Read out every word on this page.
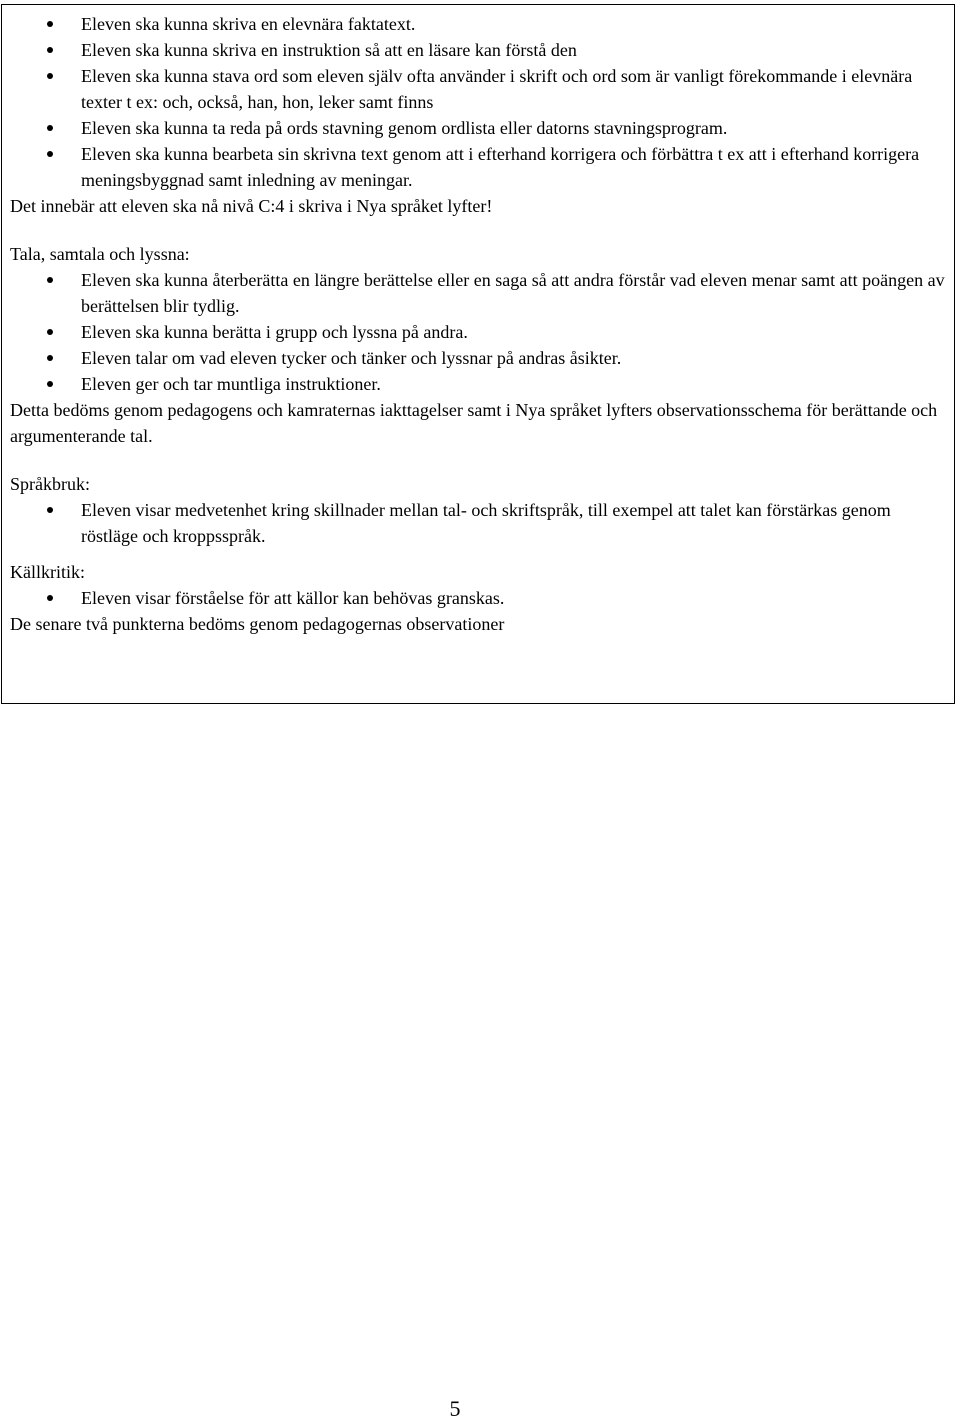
Eleven ska kunna skriva en elevnära faktatext.
Eleven ska kunna skriva en instruktion så att en läsare kan förstå den
Eleven ska kunna stava ord som eleven själv ofta använder i skrift och ord som är vanligt förekommande i elevnära texter t ex: och, också, han, hon, leker samt finns
Eleven ska kunna ta reda på ords stavning genom ordlista eller datorns stavningsprogram.
Eleven ska kunna bearbeta sin skrivna text genom att i efterhand korrigera och förbättra t ex att i efterhand korrigera meningsbyggnad samt inledning av meningar.

Det innebär att eleven ska nå nivå C:4 i skriva i Nya språket lyfter!

Tala, samtala och lyssna:

Eleven ska kunna återberätta en längre berättelse eller en saga så att andra förstår vad eleven menar samt att poängen av berättelsen blir tydlig.
Eleven ska kunna berätta i grupp och lyssna på andra.
Eleven talar om vad eleven tycker och tänker och lyssnar på andras åsikter.
Eleven ger och tar muntliga instruktioner.

Detta bedöms genom pedagogens och kamraternas iakttagelser samt i Nya språket lyfters observationsschema för berättande och argumenterande tal.

Språkbruk:

Eleven visar medvetenhet kring skillnader mellan tal- och skriftspråk, till exempel att talet kan förstärkas genom röstläge och kroppsspråk.

Källkritik:

Eleven visar förståelse för att källor kan behövas granskas.

De senare två punkterna bedöms genom pedagogernas observationer

5
